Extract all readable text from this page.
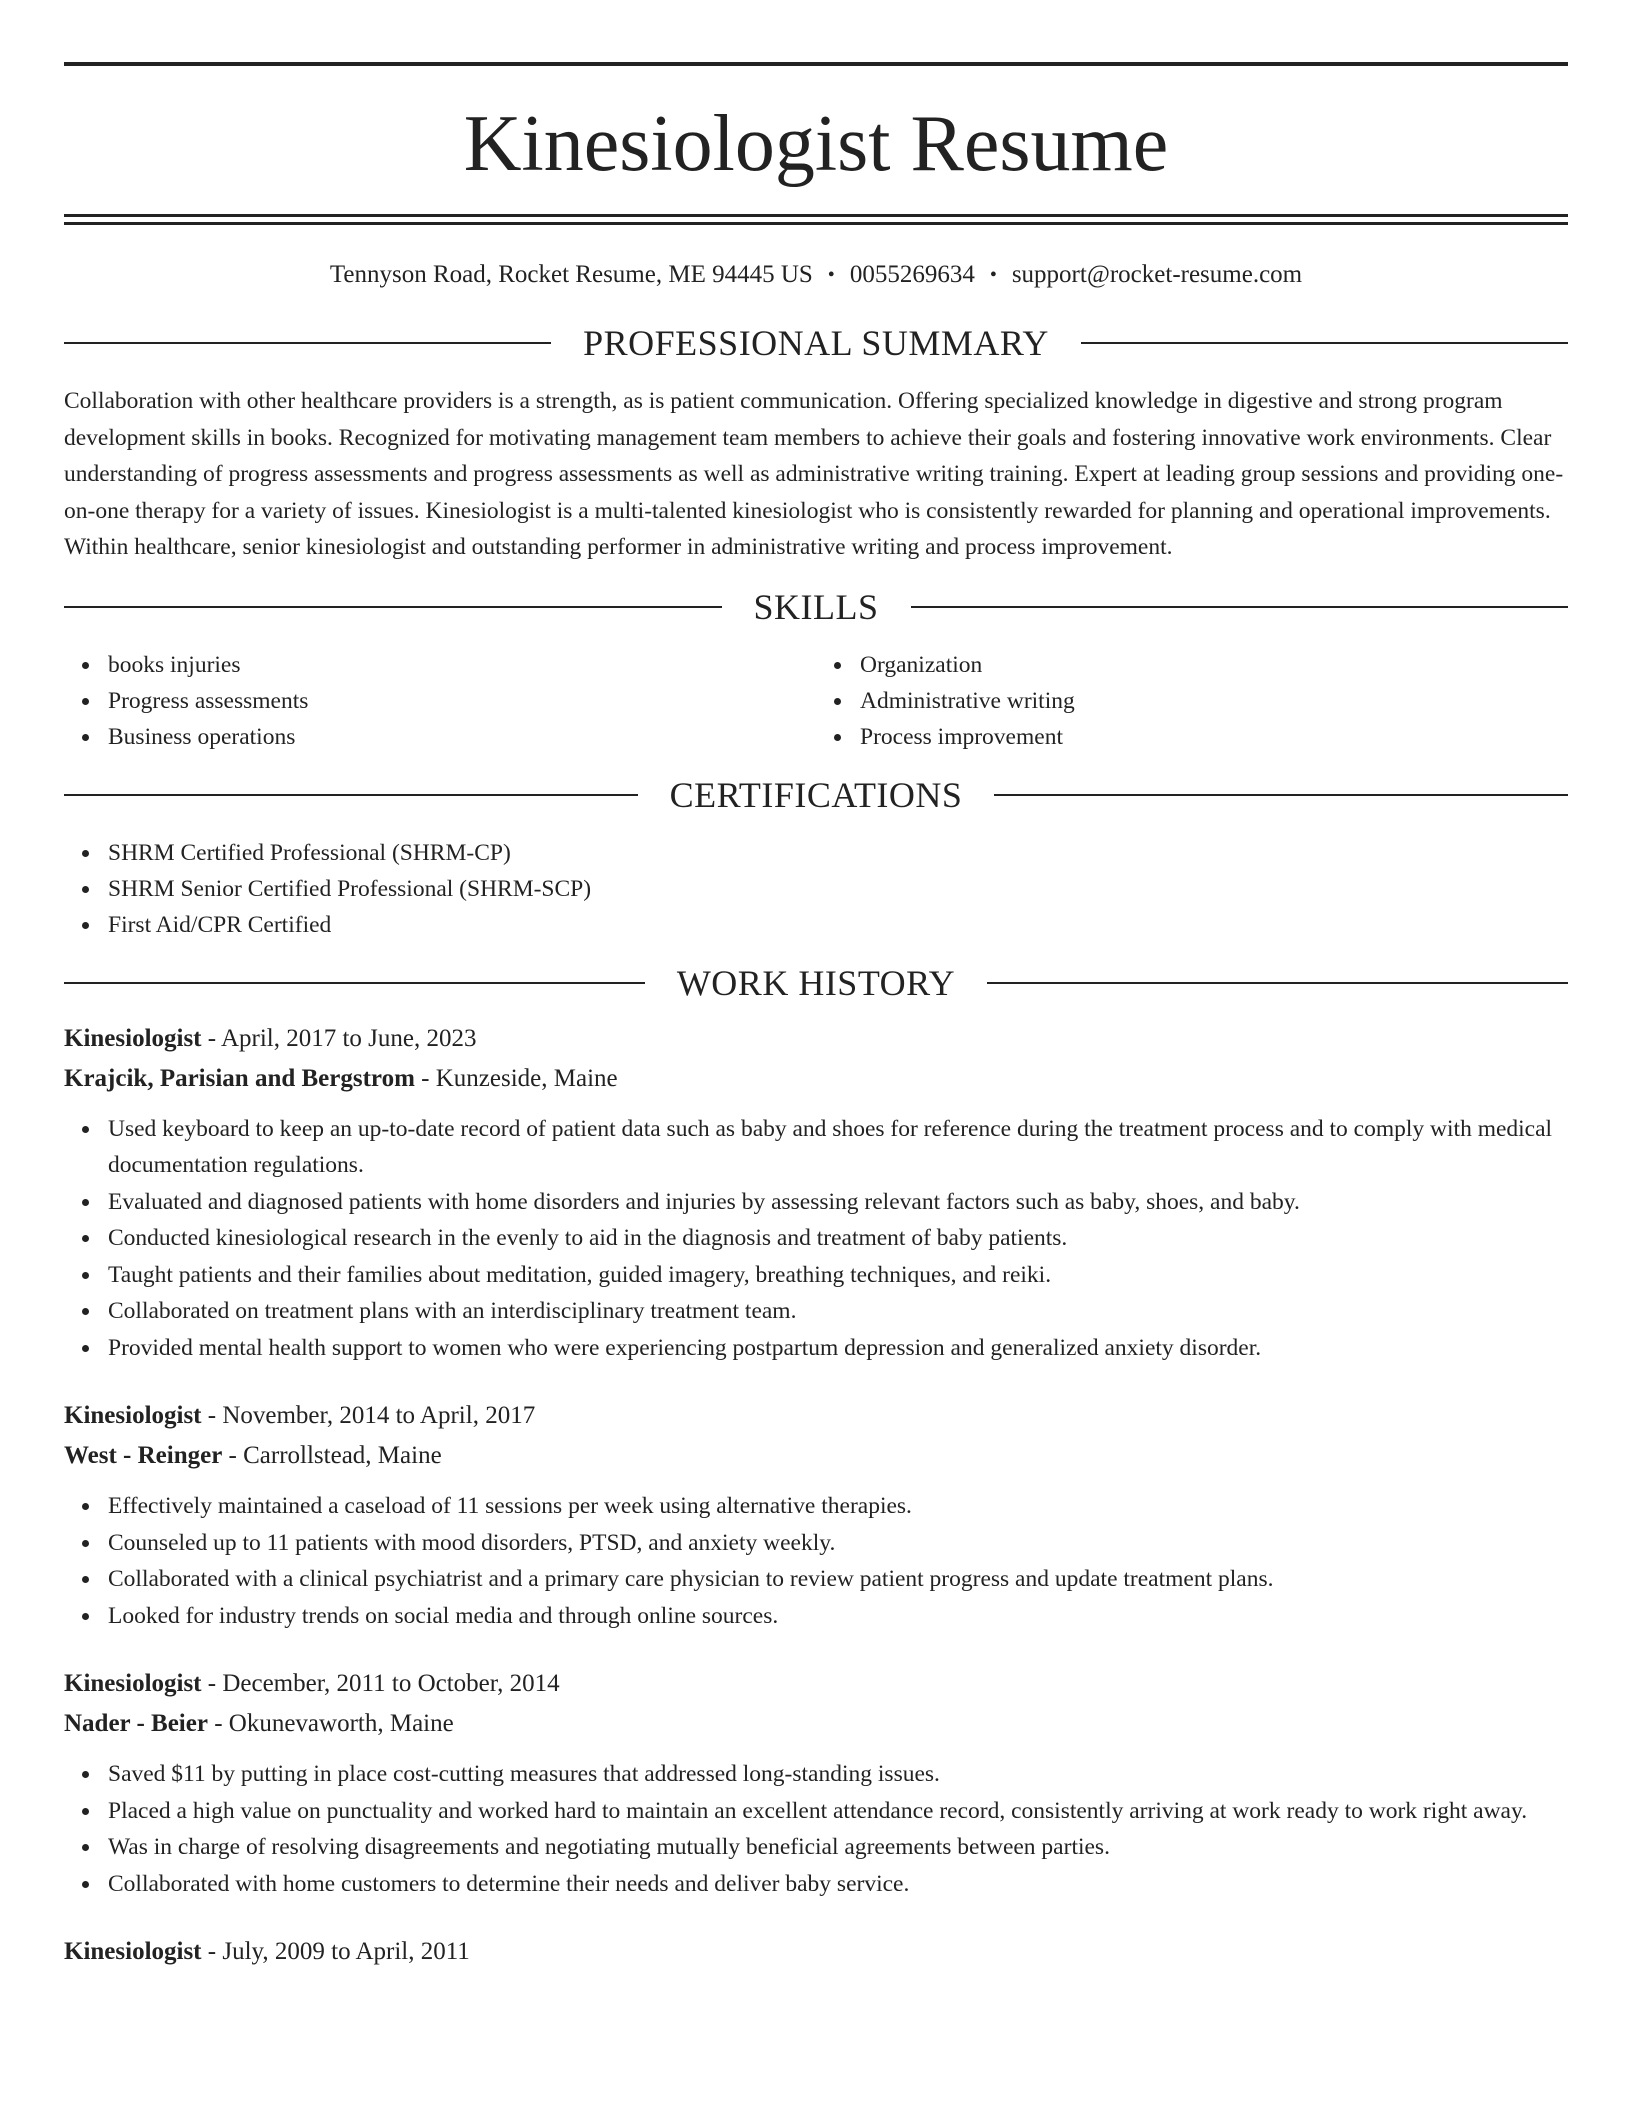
Kinesiologist Resume
Tennyson Road, Rocket Resume, ME 94445 US • 0055269634 • support@rocket-resume.com
PROFESSIONAL SUMMARY

Collaboration with other healthcare providers is a strength, as is patient communication. Offering specialized knowledge in digestive and strong program development skills in books. Recognized for motivating management team members to achieve their goals and fostering innovative work environments. Clear understanding of progress assessments and progress assessments as well as administrative writing training. Expert at leading group sessions and providing one-on-one therapy for a variety of issues. Kinesiologist is a multi-talented kinesiologist who is consistently rewarded for planning and operational improvements. Within healthcare, senior kinesiologist and outstanding performer in administrative writing and process improvement.

SKILLS
books injuries
Progress assessments
Business operations
Organization
Administrative writing
Process improvement
CERTIFICATIONS
SHRM Certified Professional (SHRM-CP)
SHRM Senior Certified Professional (SHRM-SCP)
First Aid/CPR Certified
WORK HISTORY

Kinesiologist - April, 2017 to June, 2023

Krajcik, Parisian and Bergstrom - Kunzeside, Maine

Used keyboard to keep an up-to-date record of patient data such as baby and shoes for reference during the treatment process and to comply with medical documentation regulations.
Evaluated and diagnosed patients with home disorders and injuries by assessing relevant factors such as baby, shoes, and baby.
Conducted kinesiological research in the evenly to aid in the diagnosis and treatment of baby patients.
Taught patients and their families about meditation, guided imagery, breathing techniques, and reiki.
Collaborated on treatment plans with an interdisciplinary treatment team.
Provided mental health support to women who were experiencing postpartum depression and generalized anxiety disorder.

Kinesiologist - November, 2014 to April, 2017

West - Reinger - Carrollstead, Maine

Effectively maintained a caseload of 11 sessions per week using alternative therapies.
Counseled up to 11 patients with mood disorders, PTSD, and anxiety weekly.
Collaborated with a clinical psychiatrist and a primary care physician to review patient progress and update treatment plans.
Looked for industry trends on social media and through online sources.

Kinesiologist - December, 2011 to October, 2014

Nader - Beier - Okunevaworth, Maine

Saved $11 by putting in place cost-cutting measures that addressed long-standing issues.
Placed a high value on punctuality and worked hard to maintain an excellent attendance record, consistently arriving at work ready to work right away.
Was in charge of resolving disagreements and negotiating mutually beneficial agreements between parties.
Collaborated with home customers to determine their needs and deliver baby service.

Kinesiologist - July, 2009 to April, 2011
